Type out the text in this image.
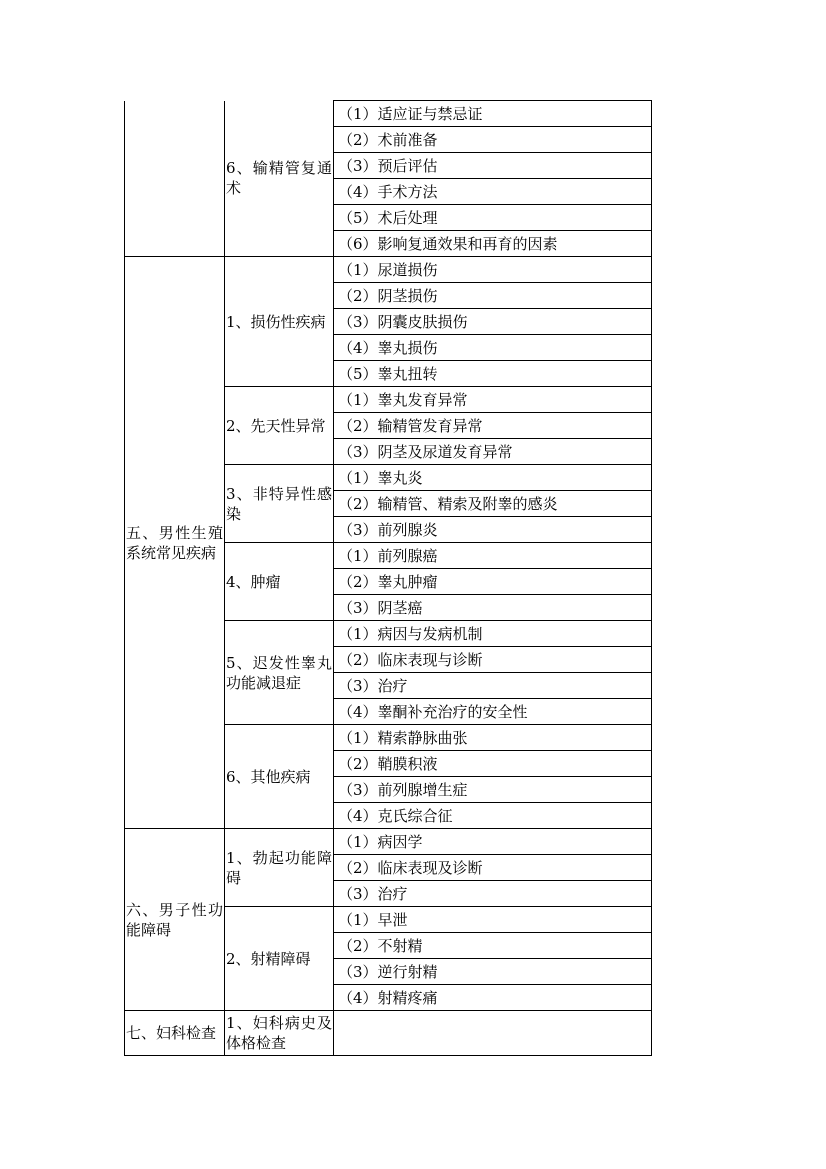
	6、输精管复通术	（1）适应证与禁忌证
		（2）术前准备
		（3）预后评估
		（4）手术方法
		（5）术后处理
		（6）影响复通效果和再育的因素
五、男性生殖系统常见疾病	1、损伤性疾病	（1）尿道损伤
		（2）阴茎损伤
		（3）阴囊皮肤损伤
		（4）睾丸损伤
		（5）睾丸扭转
	2、先天性异常	（1）睾丸发育异常
		（2）输精管发育异常
		（3）阴茎及尿道发育异常
	3、非特异性感染	（1）睾丸炎
		（2）输精管、精索及附睾的感炎
		（3）前列腺炎
	4、肿瘤	（1）前列腺癌
		（2）睾丸肿瘤
		（3）阴茎癌
	5、迟发性睾丸功能减退症	（1）病因与发病机制
		（2）临床表现与诊断
		（3）治疗
		（4）睾酮补充治疗的安全性
	6、其他疾病	（1）精索静脉曲张
		（2）鞘膜积液
		（3）前列腺增生症
		（4）克氏综合征
六、男子性功能障碍	1、勃起功能障碍	（1）病因学
		（2）临床表现及诊断
		（3）治疗
	2、射精障碍	（1）早泄
		（2）不射精
		（3）逆行射精
		（4）射精疼痛
七、妇科检查	1、妇科病史及体格检查	
